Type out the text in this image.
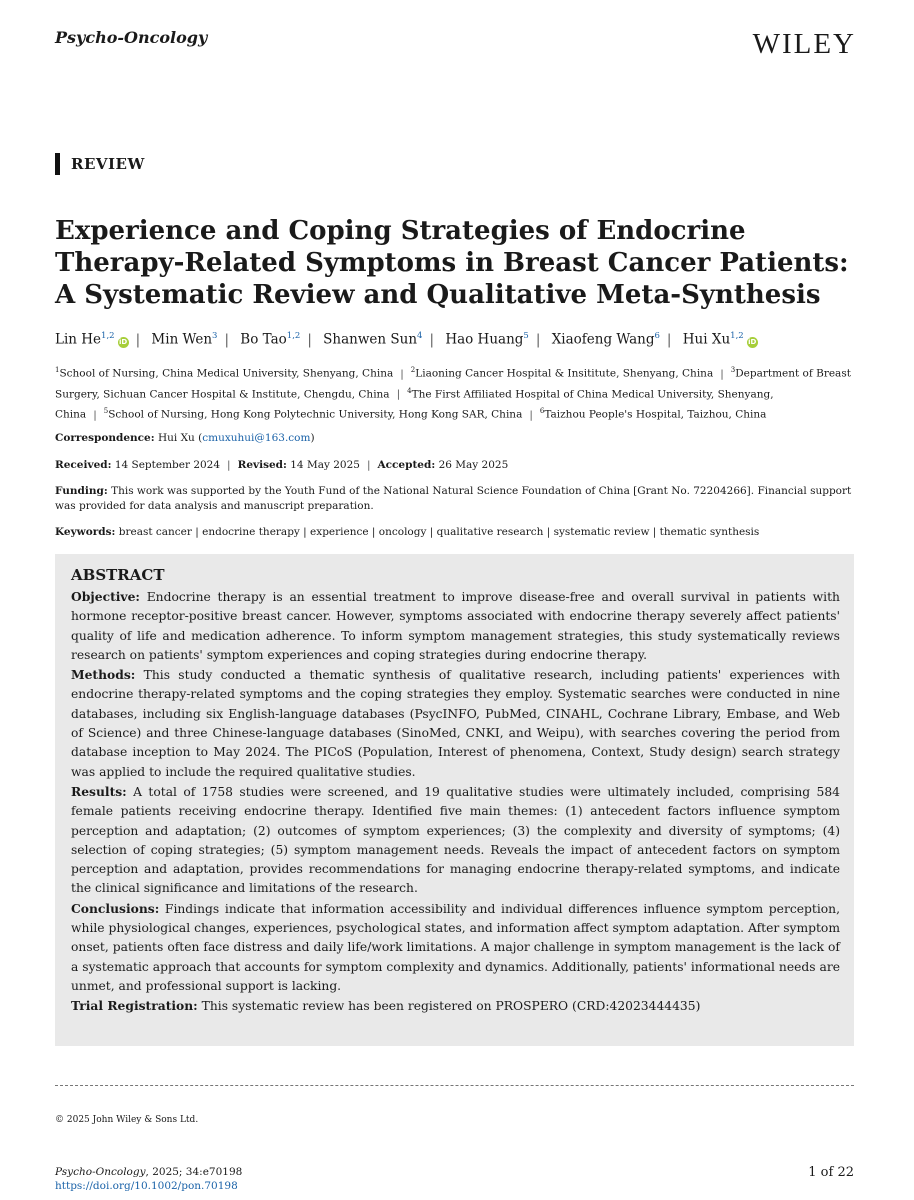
Psycho-Oncology	WILEY
REVIEW
Experience and Coping Strategies of Endocrine Therapy-Related Symptoms in Breast Cancer Patients: A Systematic Review and Qualitative Meta-Synthesis
Lin He$^{1,2}$iD | Min Wen$^3$ | Bo Tao$^{1,2}$ | Shanwen Sun$^4$ | Hao Huang$^5$ | Xiaofeng Wang$^6$ | Hui Xu$^{1,2}$iD
$^1$School of Nursing, China Medical University, Shenyang, China | $^2$Liaoning Cancer Hospital & Insititute, Shenyang, China | $^3$Department of Breast Surgery, Sichuan Cancer Hospital & Institute, Chengdu, China | $^4$The First Affiliated Hospital of China Medical University, Shenyang, China | $^5$School of Nursing, Hong Kong Polytechnic University, Hong Kong SAR, China | $^6$Taizhou People's Hospital, Taizhou, China
Correspondence: Hui Xu (cmuxuhui@163.com)
Received: 14 September 2024 | Revised: 14 May 2025 | Accepted: 26 May 2025
Funding: This work was supported by the Youth Fund of the National Natural Science Foundation of China [Grant No. 72204266]. Financial support was provided for data analysis and manuscript preparation.
Keywords: breast cancer | endocrine therapy | experience | oncology | qualitative research | systematic review | thematic synthesis
ABSTRACT

Objective: Endocrine therapy is an essential treatment to improve disease-free and overall survival in patients with hormone receptor-positive breast cancer. However, symptoms associated with endocrine therapy severely affect patients' quality of life and medication adherence. To inform symptom management strategies, this study systematically reviews research on patients' symptom experiences and coping strategies during endocrine therapy.

Methods: This study conducted a thematic synthesis of qualitative research, including patients' experiences with endocrine therapy-related symptoms and the coping strategies they employ. Systematic searches were conducted in nine databases, including six English-language databases (PsycINFO, PubMed, CINAHL, Cochrane Library, Embase, and Web of Science) and three Chinese-language databases (SinoMed, CNKI, and Weipu), with searches covering the period from database inception to May 2024. The PICoS (Population, Interest of phenomena, Context, Study design) search strategy was applied to include the required qualitative studies.

Results: A total of 1758 studies were screened, and 19 qualitative studies were ultimately included, comprising 584 female patients receiving endocrine therapy. Identified five main themes: (1) antecedent factors influence symptom perception and adaptation; (2) outcomes of symptom experiences; (3) the complexity and diversity of symptoms; (4) selection of coping strategies; (5) symptom management needs. Reveals the impact of antecedent factors on symptom perception and adaptation, provides recommendations for managing endocrine therapy-related symptoms, and indicate the clinical significance and limitations of the research.

Conclusions: Findings indicate that information accessibility and individual differences influence symptom perception, while physiological changes, experiences, psychological states, and information affect symptom adaptation. After symptom onset, patients often face distress and daily life/work limitations. A major challenge in symptom management is the lack of a systematic approach that accounts for symptom complexity and dynamics. Additionally, patients' informational needs are unmet, and professional support is lacking.

Trial Registration: This systematic review has been registered on PROSPERO (CRD:42023444435)

© 2025 John Wiley & Sons Ltd.
Psycho-Oncology, 2025; 34:e70198
https://doi.org/10.1002/pon.70198
1 of 22
